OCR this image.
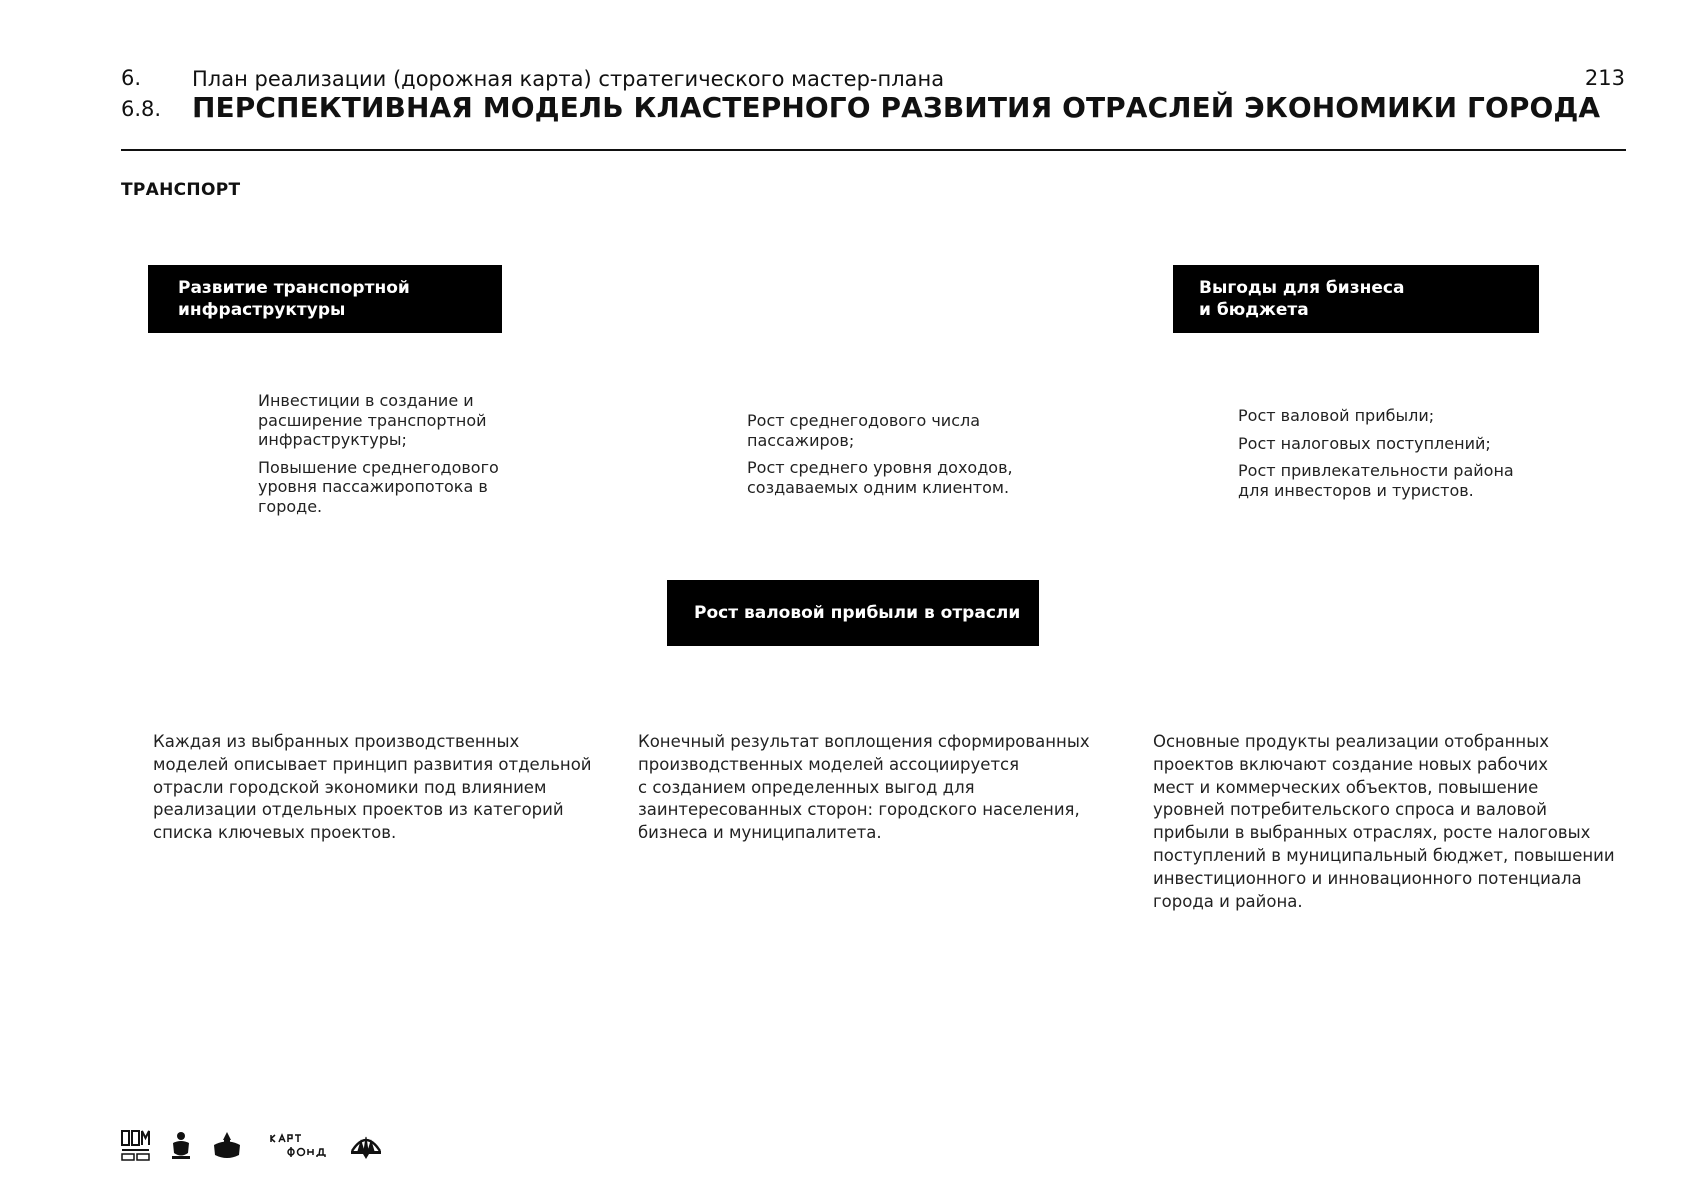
6. План реализации (дорожная карта) стратегического мастер-плана
6.8. ПЕРСПЕКТИВНАЯ МОДЕЛЬ КЛАСТЕРНОГО РАЗВИТИЯ ОТРАСЛЕЙ ЭКОНОМИКИ ГОРОДА
213
ТРАНСПОРТ
Развитие транспортной
инфраструктуры
Выгоды для бизнеса
и бюджета
Рост валовой прибыли в отрасли
Инвестиции в создание и
расширение транспортной
инфраструктуры;
Повышение среднегодового
уровня пассажиропотока в
городе.
Рост среднегодового числа
пассажиров;
Рост среднего уровня доходов,
создаваемых одним клиентом.
Рост валовой прибыли;
Рост налоговых поступлений;
Рост привлекательности района
для инвесторов и туристов.

Каждая из выбранных производственных
моделей описывает принцип развития отдельной
отрасли городской экономики под влиянием
реализации отдельных проектов из категорий
списка ключевых проектов.

Конечный результат воплощения сформированных
производственных моделей ассоциируется
с созданием определенных выгод для
заинтересованных сторон: городского населения,
бизнеса и муниципалитета.

Основные продукты реализации отобранных
проектов включают создание новых рабочих
мест и коммерческих объектов, повышение
уровней потребительского спроса и валовой
прибыли в выбранных отраслях, росте налоговых
поступлений в муниципальный бюджет, повышении
инвестиционного и инновационного потенциала
города и района.
